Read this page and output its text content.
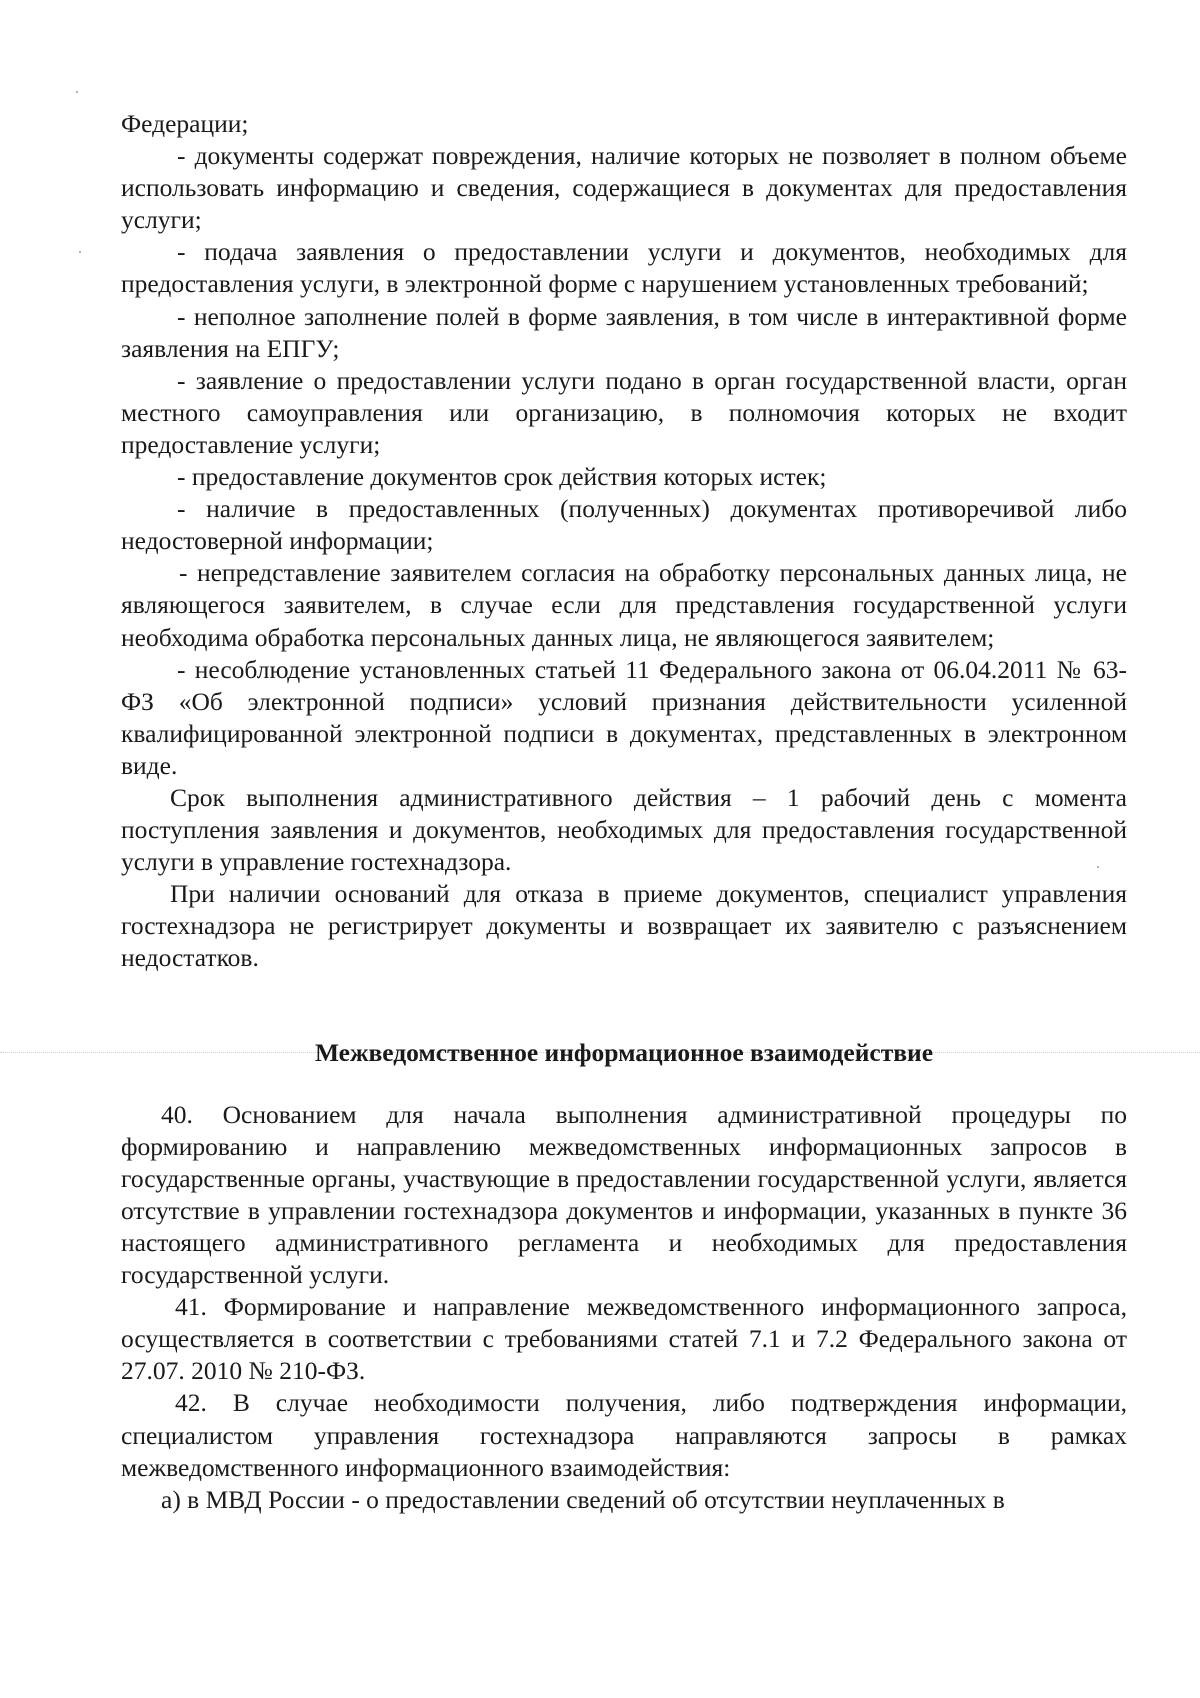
Федерации;

- документы содержат повреждения, наличие которых не позволяет в полном объеме использовать информацию и сведения, содержащиеся в документах для предоставления услуги;

- подача заявления о предоставлении услуги и документов, необходимых для предоставления услуги, в электронной форме с нарушением установленных требований;

- неполное заполнение полей в форме заявления, в том числе в интерактивной форме заявления на ЕПГУ;

- заявление о предоставлении услуги подано в орган государственной власти, орган местного самоуправления или организацию, в полномочия которых не входит предоставление услуги;

- предоставление документов срок действия которых истек;

- наличие в предоставленных (полученных) документах противоречивой либо недостоверной информации;

- непредставление заявителем согласия на обработку персональных данных лица, не являющегося заявителем, в случае если для представления государственной услуги необходима обработка персональных данных лица, не являющегося заявителем;

- несоблюдение установленных статьей 11 Федерального закона от 06.04.2011 № 63-ФЗ «Об электронной подписи» условий признания действительности усиленной квалифицированной электронной подписи в документах, представленных в электронном виде.

Срок выполнения административного действия – 1 рабочий день с момента поступления заявления и документов, необходимых для предоставления государственной услуги в управление гостехнадзора.

При наличии оснований для отказа в приеме документов, специалист управления гостехнадзора не регистрирует документы и возвращает их заявителю с разъяснением недостатков.

Межведомственное информационное взаимодействие

40. Основанием для начала выполнения административной процедуры по формированию и направлению межведомственных информационных запросов в государственные органы, участвующие в предоставлении государственной услуги, является отсутствие в управлении гостехнадзора документов и информации, указанных в пункте 36 настоящего административного регламента и необходимых для предоставления государственной услуги.

41. Формирование и направление межведомственного информационного запроса, осуществляется в соответствии с требованиями статей 7.1 и 7.2 Федерального закона от 27.07. 2010 № 210-ФЗ.

42. В случае необходимости получения, либо подтверждения информации, специалистом управления гостехнадзора направляются запросы в рамках межведомственного информационного взаимодействия:

а) в МВД России - о предоставлении сведений об отсутствии неуплаченных в
